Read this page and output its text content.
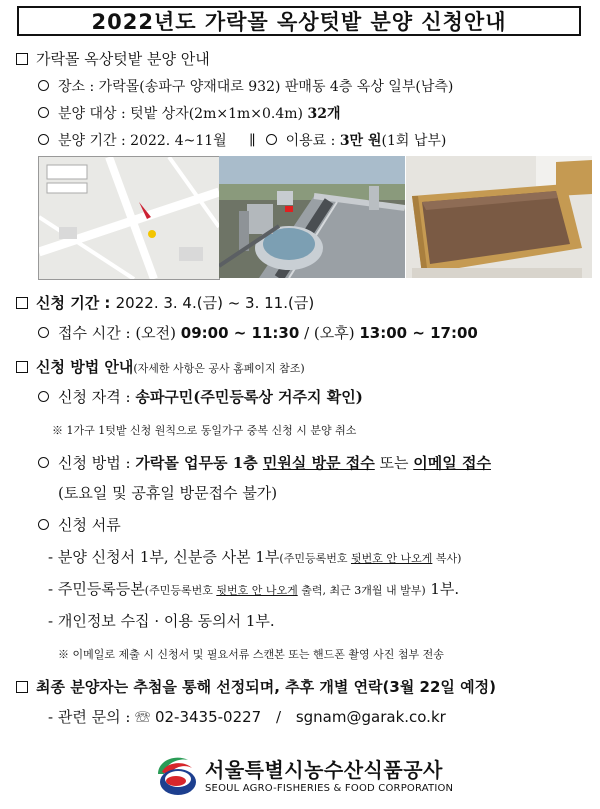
2022년도 가락몰 옥상텃밭 분양 신청안내
가락몰 옥상텃밭 분양 안내
장소 : 가락몰(송파구 양재대로 932) 판매동 4층 옥상 일부(남측)
분양 대상 : 텃밭 상자(2m×1m×0.4m) 32개
분양 기간 : 2022. 4~11월 ∥ 이용료 : 3만 원(1회 납부)
신청 기간 : 2022. 3. 4.(금) ~ 3. 11.(금)
접수 시간 : (오전) 09:00 ~ 11:30 / (오후) 13:00 ~ 17:00
신청 방법 안내(자세한 사항은 공사 홈페이지 참조)
신청 자격 : 송파구민(주민등록상 거주지 확인)
※ 1가구 1텃밭 신청 원칙으로 동일가구 중복 신청 시 분양 취소
신청 방법 : 가락몰 업무동 1층 민원실 방문 접수 또는 이메일 접수
(토요일 및 공휴일 방문접수 불가)
신청 서류
- 분양 신청서 1부, 신분증 사본 1부(주민등록번호 뒷번호 안 나오게 복사)
- 주민등록등본(주민등록번호 뒷번호 안 나오게 출력, 최근 3개월 내 발부) 1부.
- 개인정보 수집 · 이용 동의서 1부.
※ 이메일로 제출 시 신청서 및 필요서류 스캔본 또는 핸드폰 촬영 사진 첨부 전송
최종 분양자는 추첨을 통해 선정되며, 추후 개별 연락(3월 22일 예정)
- 관련 문의 : ☏ 02-3435-0227 / sgnam@garak.co.kr
서울특별시농수산식품공사
SEOUL AGRO-FISHERIES & FOOD CORPORATION
